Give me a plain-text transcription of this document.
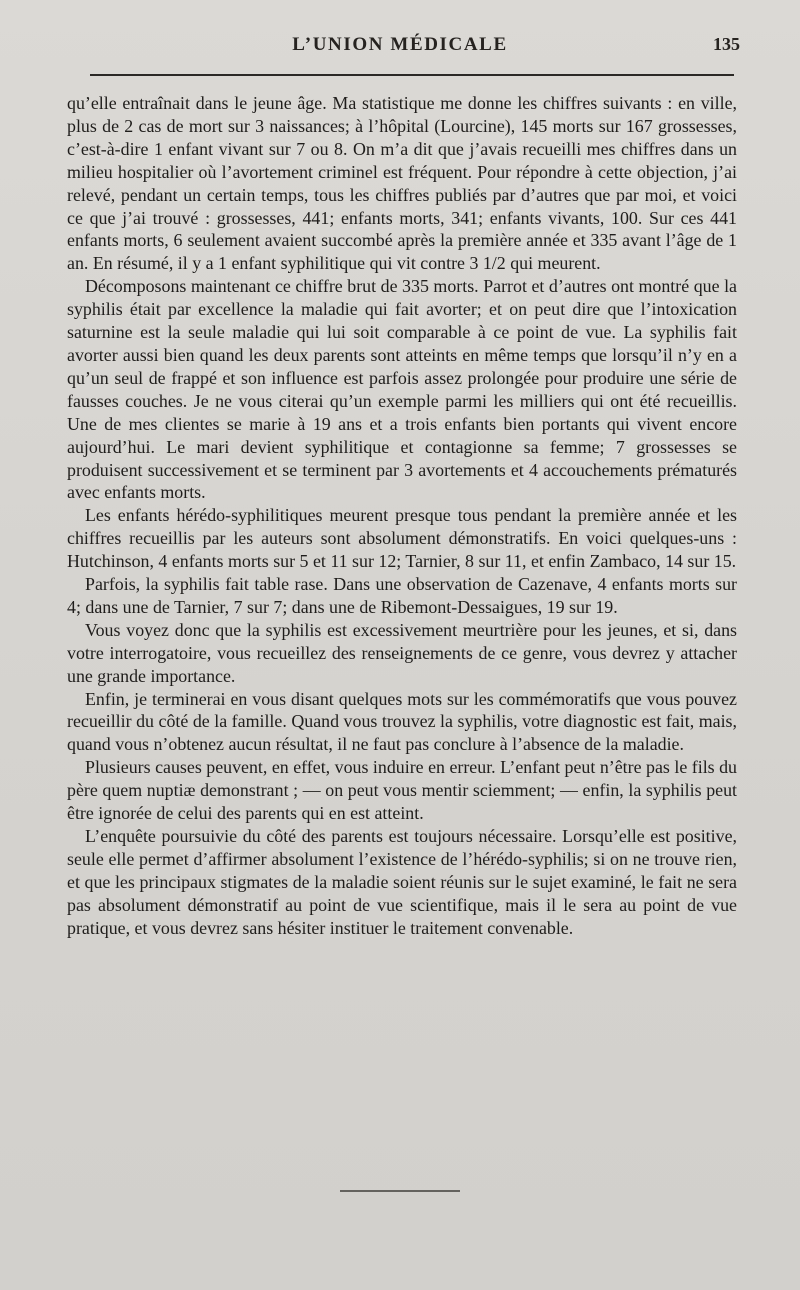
L’UNION MÉDICALE	135

qu’elle entraînait dans le jeune âge. Ma statistique me donne les chiffres suivants : en ville, plus de 2 cas de mort sur 3 naissances; à l’hôpital (Lourcine), 145 morts sur 167 grossesses, c’est-à-dire 1 enfant vivant sur 7 ou 8. On m’a dit que j’avais recueilli mes chiffres dans un milieu hospitalier où l’avortement criminel est fréquent. Pour répondre à cette objection, j’ai relevé, pendant un certain temps, tous les chiffres publiés par d’autres que par moi, et voici ce que j’ai trouvé : grossesses, 441; enfants morts, 341; enfants vivants, 100. Sur ces 441 enfants morts, 6 seulement avaient succombé après la première année et 335 avant l’âge de 1 an. En résumé, il y a 1 enfant syphilitique qui vit contre 3 1/2 qui meurent.

Décomposons maintenant ce chiffre brut de 335 morts. Parrot et d’autres ont montré que la syphilis était par excellence la maladie qui fait avorter; et on peut dire que l’intoxication saturnine est la seule maladie qui lui soit comparable à ce point de vue. La syphilis fait avorter aussi bien quand les deux parents sont atteints en même temps que lorsqu’il n’y en a qu’un seul de frappé et son influence est parfois assez prolongée pour produire une série de fausses couches. Je ne vous citerai qu’un exemple parmi les milliers qui ont été recueillis. Une de mes clientes se marie à 19 ans et a trois enfants bien portants qui vivent encore aujourd’hui. Le mari devient syphilitique et contagionne sa femme; 7 grossesses se produisent successivement et se terminent par 3 avortements et 4 accouchements prématurés avec enfants morts.

Les enfants hérédo-syphilitiques meurent presque tous pendant la première année et les chiffres recueillis par les auteurs sont absolument démonstratifs. En voici quelques-uns : Hutchinson, 4 enfants morts sur 5 et 11 sur 12; Tarnier, 8 sur 11, et enfin Zambaco, 14 sur 15.

Parfois, la syphilis fait table rase. Dans une observation de Cazenave, 4 enfants morts sur 4; dans une de Tarnier, 7 sur 7; dans une de Ribemont-Dessaigues, 19 sur 19.

Vous voyez donc que la syphilis est excessivement meurtrière pour les jeunes, et si, dans votre interrogatoire, vous recueillez des renseignements de ce genre, vous devrez y attacher une grande importance.

Enfin, je terminerai en vous disant quelques mots sur les commémoratifs que vous pouvez recueillir du côté de la famille. Quand vous trouvez la syphilis, votre diagnostic est fait, mais, quand vous n’obtenez aucun résultat, il ne faut pas conclure à l’absence de la maladie.

Plusieurs causes peuvent, en effet, vous induire en erreur. L’enfant peut n’être pas le fils du père quem nuptiæ demonstrant ; — on peut vous mentir sciemment; — enfin, la syphilis peut être ignorée de celui des parents qui en est atteint.

L’enquête poursuivie du côté des parents est toujours nécessaire. Lorsqu’elle est positive, seule elle permet d’affirmer absolument l’existence de l’hérédo-syphilis; si on ne trouve rien, et que les principaux stigmates de la maladie soient réunis sur le sujet examiné, le fait ne sera pas absolument démonstratif au point de vue scientifique, mais il le sera au point de vue pratique, et vous devrez sans hésiter instituer le traitement convenable.
